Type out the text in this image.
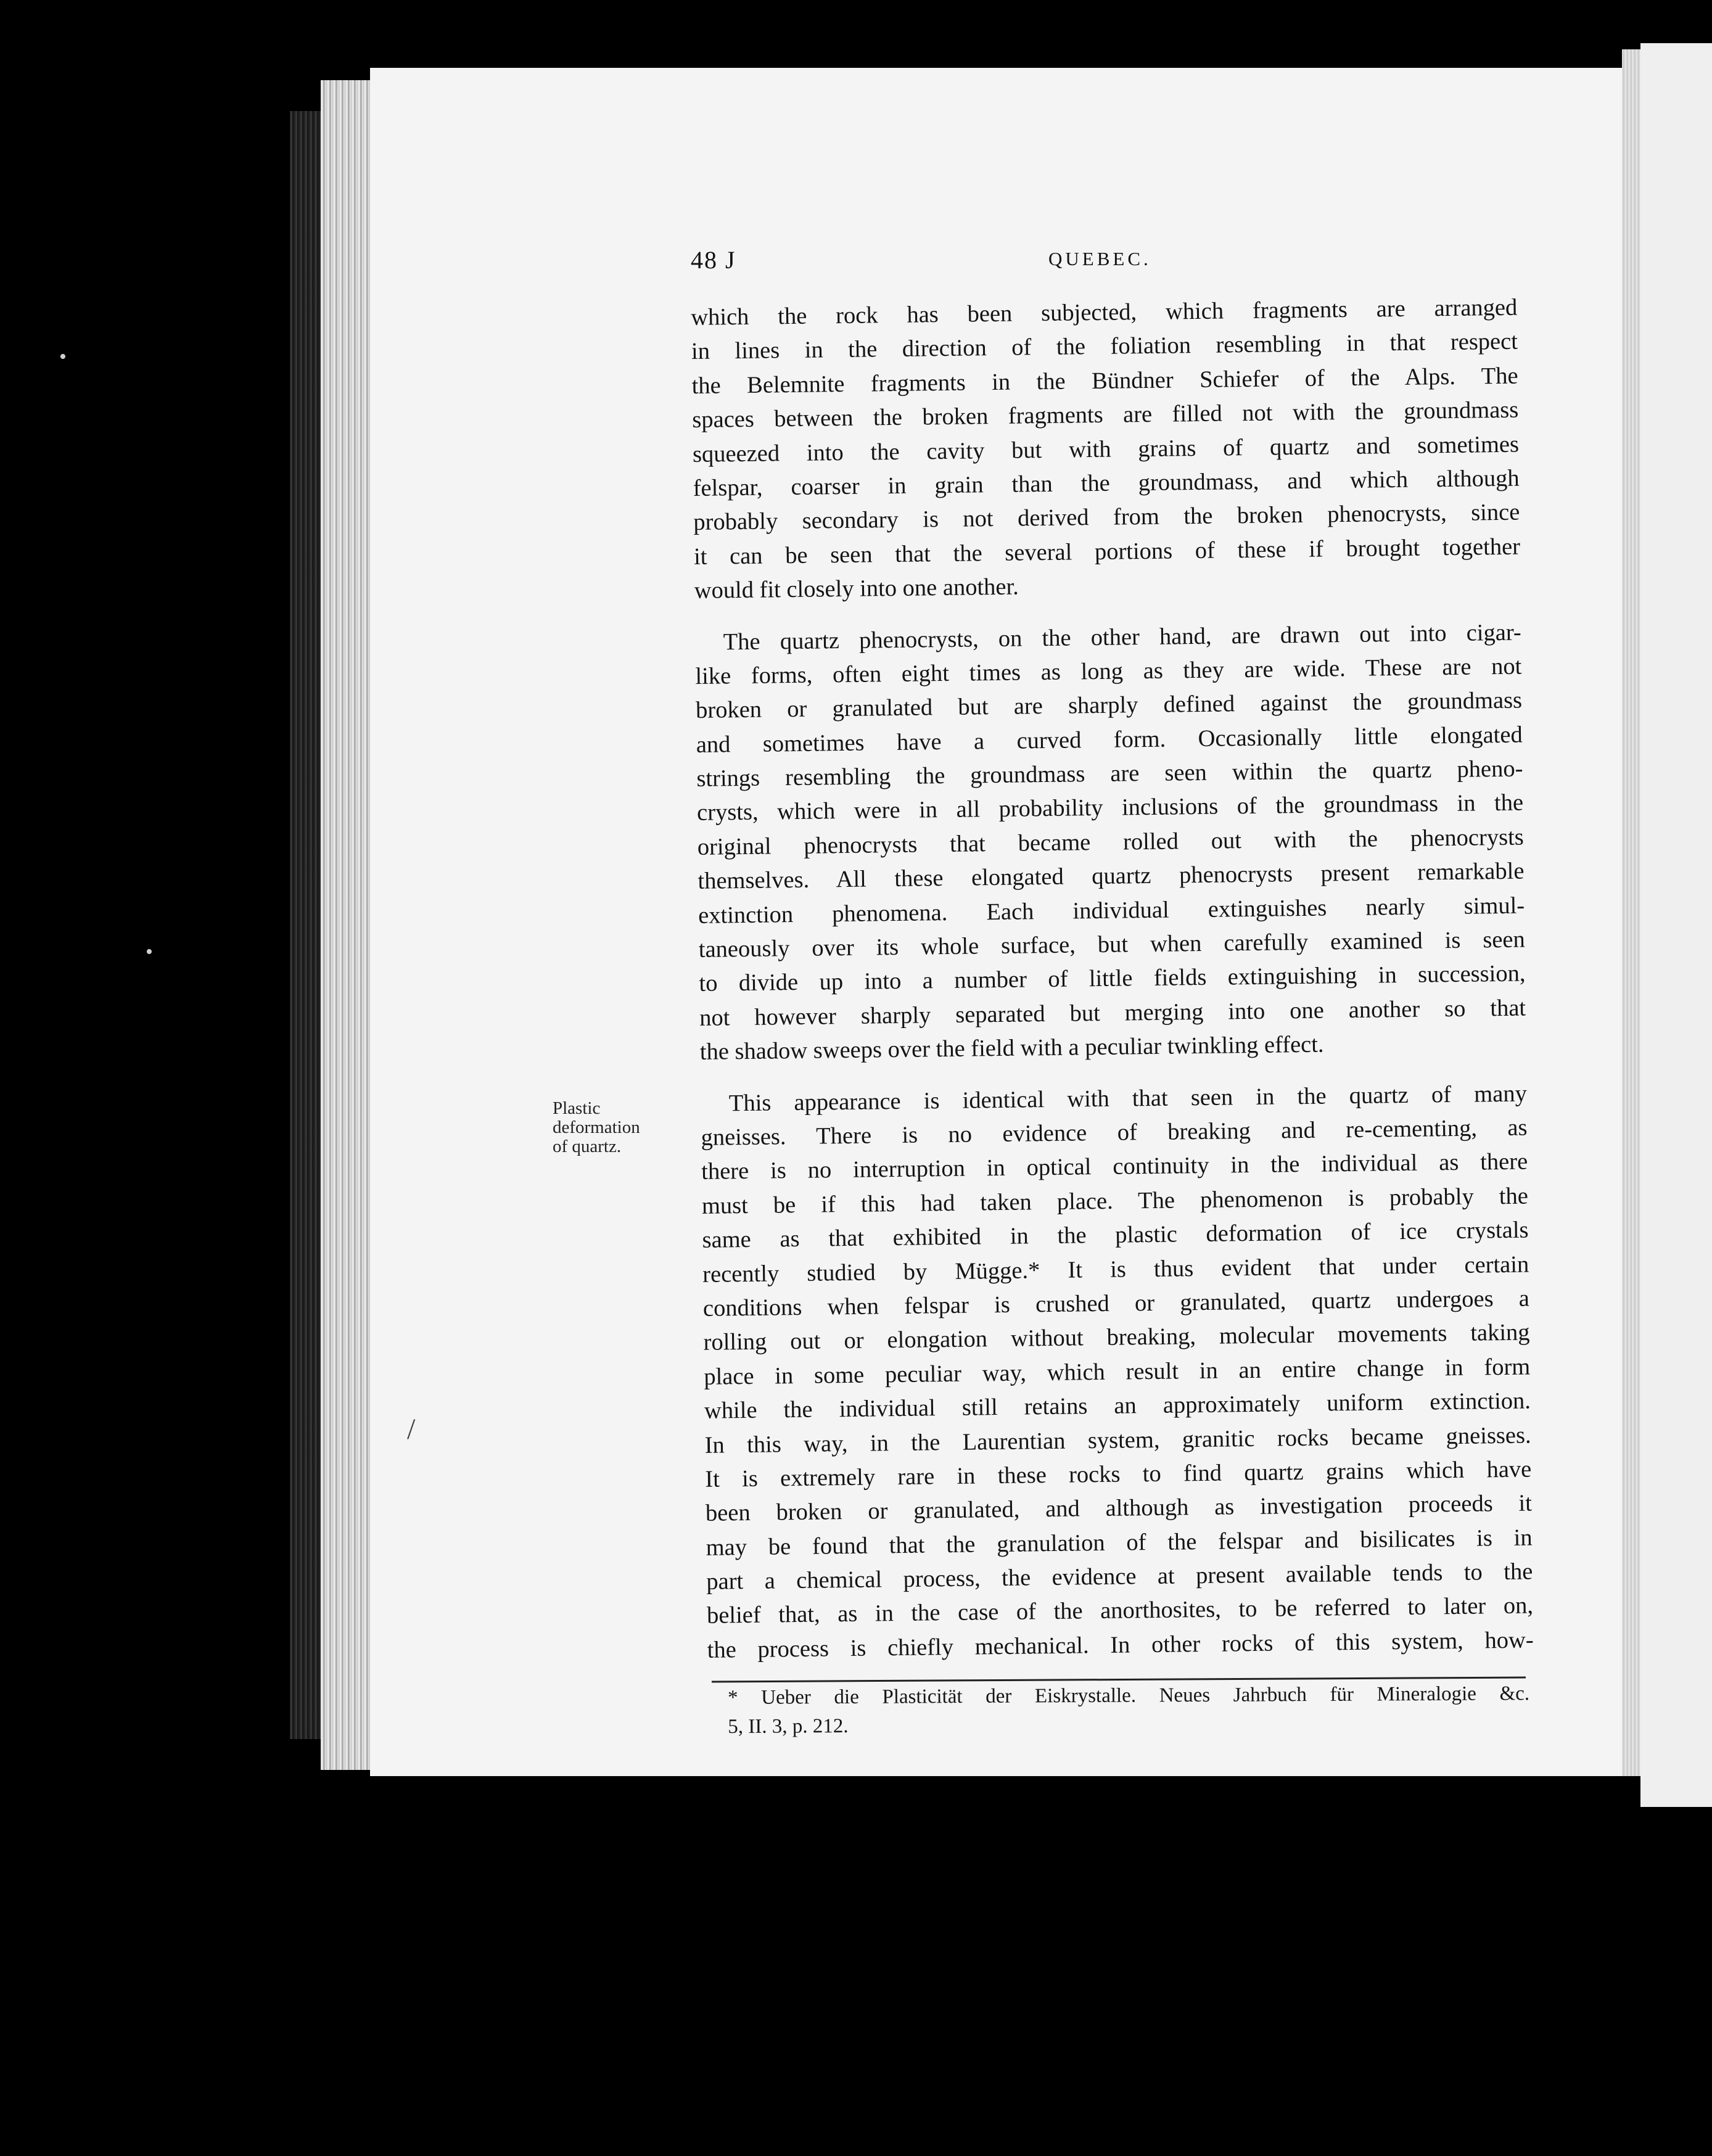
•
•
/
48 J	QUEBEC.

which the rock has been subjected, which fragments are arranged
in lines in the direction of the foliation resembling in that respect
the Belemnite fragments in the Bündner Schiefer of the Alps. The
spaces between the broken fragments are filled not with the groundmass
squeezed into the cavity but with grains of quartz and sometimes
felspar, coarser in grain than the groundmass, and which although
probably secondary is not derived from the broken phenocrysts, since
it can be seen that the several portions of these if brought together
would fit closely into one another.

The quartz phenocrysts, on the other hand, are drawn out into cigar-
like forms, often eight times as long as they are wide. These are not
broken or granulated but are sharply defined against the groundmass
and sometimes have a curved form. Occasionally little elongated
strings resembling the groundmass are seen within the quartz pheno-
crysts, which were in all probability inclusions of the groundmass in the
original phenocrysts that became rolled out with the phenocrysts
themselves. All these elongated quartz phenocrysts present remarkable
extinction phenomena. Each individual extinguishes nearly simul-
taneously over its whole surface, but when carefully examined is seen
to divide up into a number of little fields extinguishing in succession,
not however sharply separated but merging into one another so that
the shadow sweeps over the field with a peculiar twinkling effect.

This appearance is identical with that seen in the quartz of many
gneisses. There is no evidence of breaking and re-cementing, as
there is no interruption in optical continuity in the individual as there
must be if this had taken place. The phenomenon is probably the
same as that exhibited in the plastic deformation of ice crystals
recently studied by Mügge.* It is thus evident that under certain
conditions when felspar is crushed or granulated, quartz undergoes a
rolling out or elongation without breaking, molecular movements taking
place in some peculiar way, which result in an entire change in form
while the individual still retains an approximately uniform extinction.
In this way, in the Laurentian system, granitic rocks became gneisses.
It is extremely rare in these rocks to find quartz grains which have
been broken or granulated, and although as investigation proceeds it
may be found that the granulation of the felspar and bisilicates is in
part a chemical process, the evidence at present available tends to the
belief that, as in the case of the anorthosites, to be referred to later on,
the process is chiefly mechanical. In other rocks of this system, how-

Plastic
deformation
of quartz.
* Ueber die Plasticität der Eiskrystalle. Neues Jahrbuch für Mineralogie &c.
5, II. 3, p. 212.
